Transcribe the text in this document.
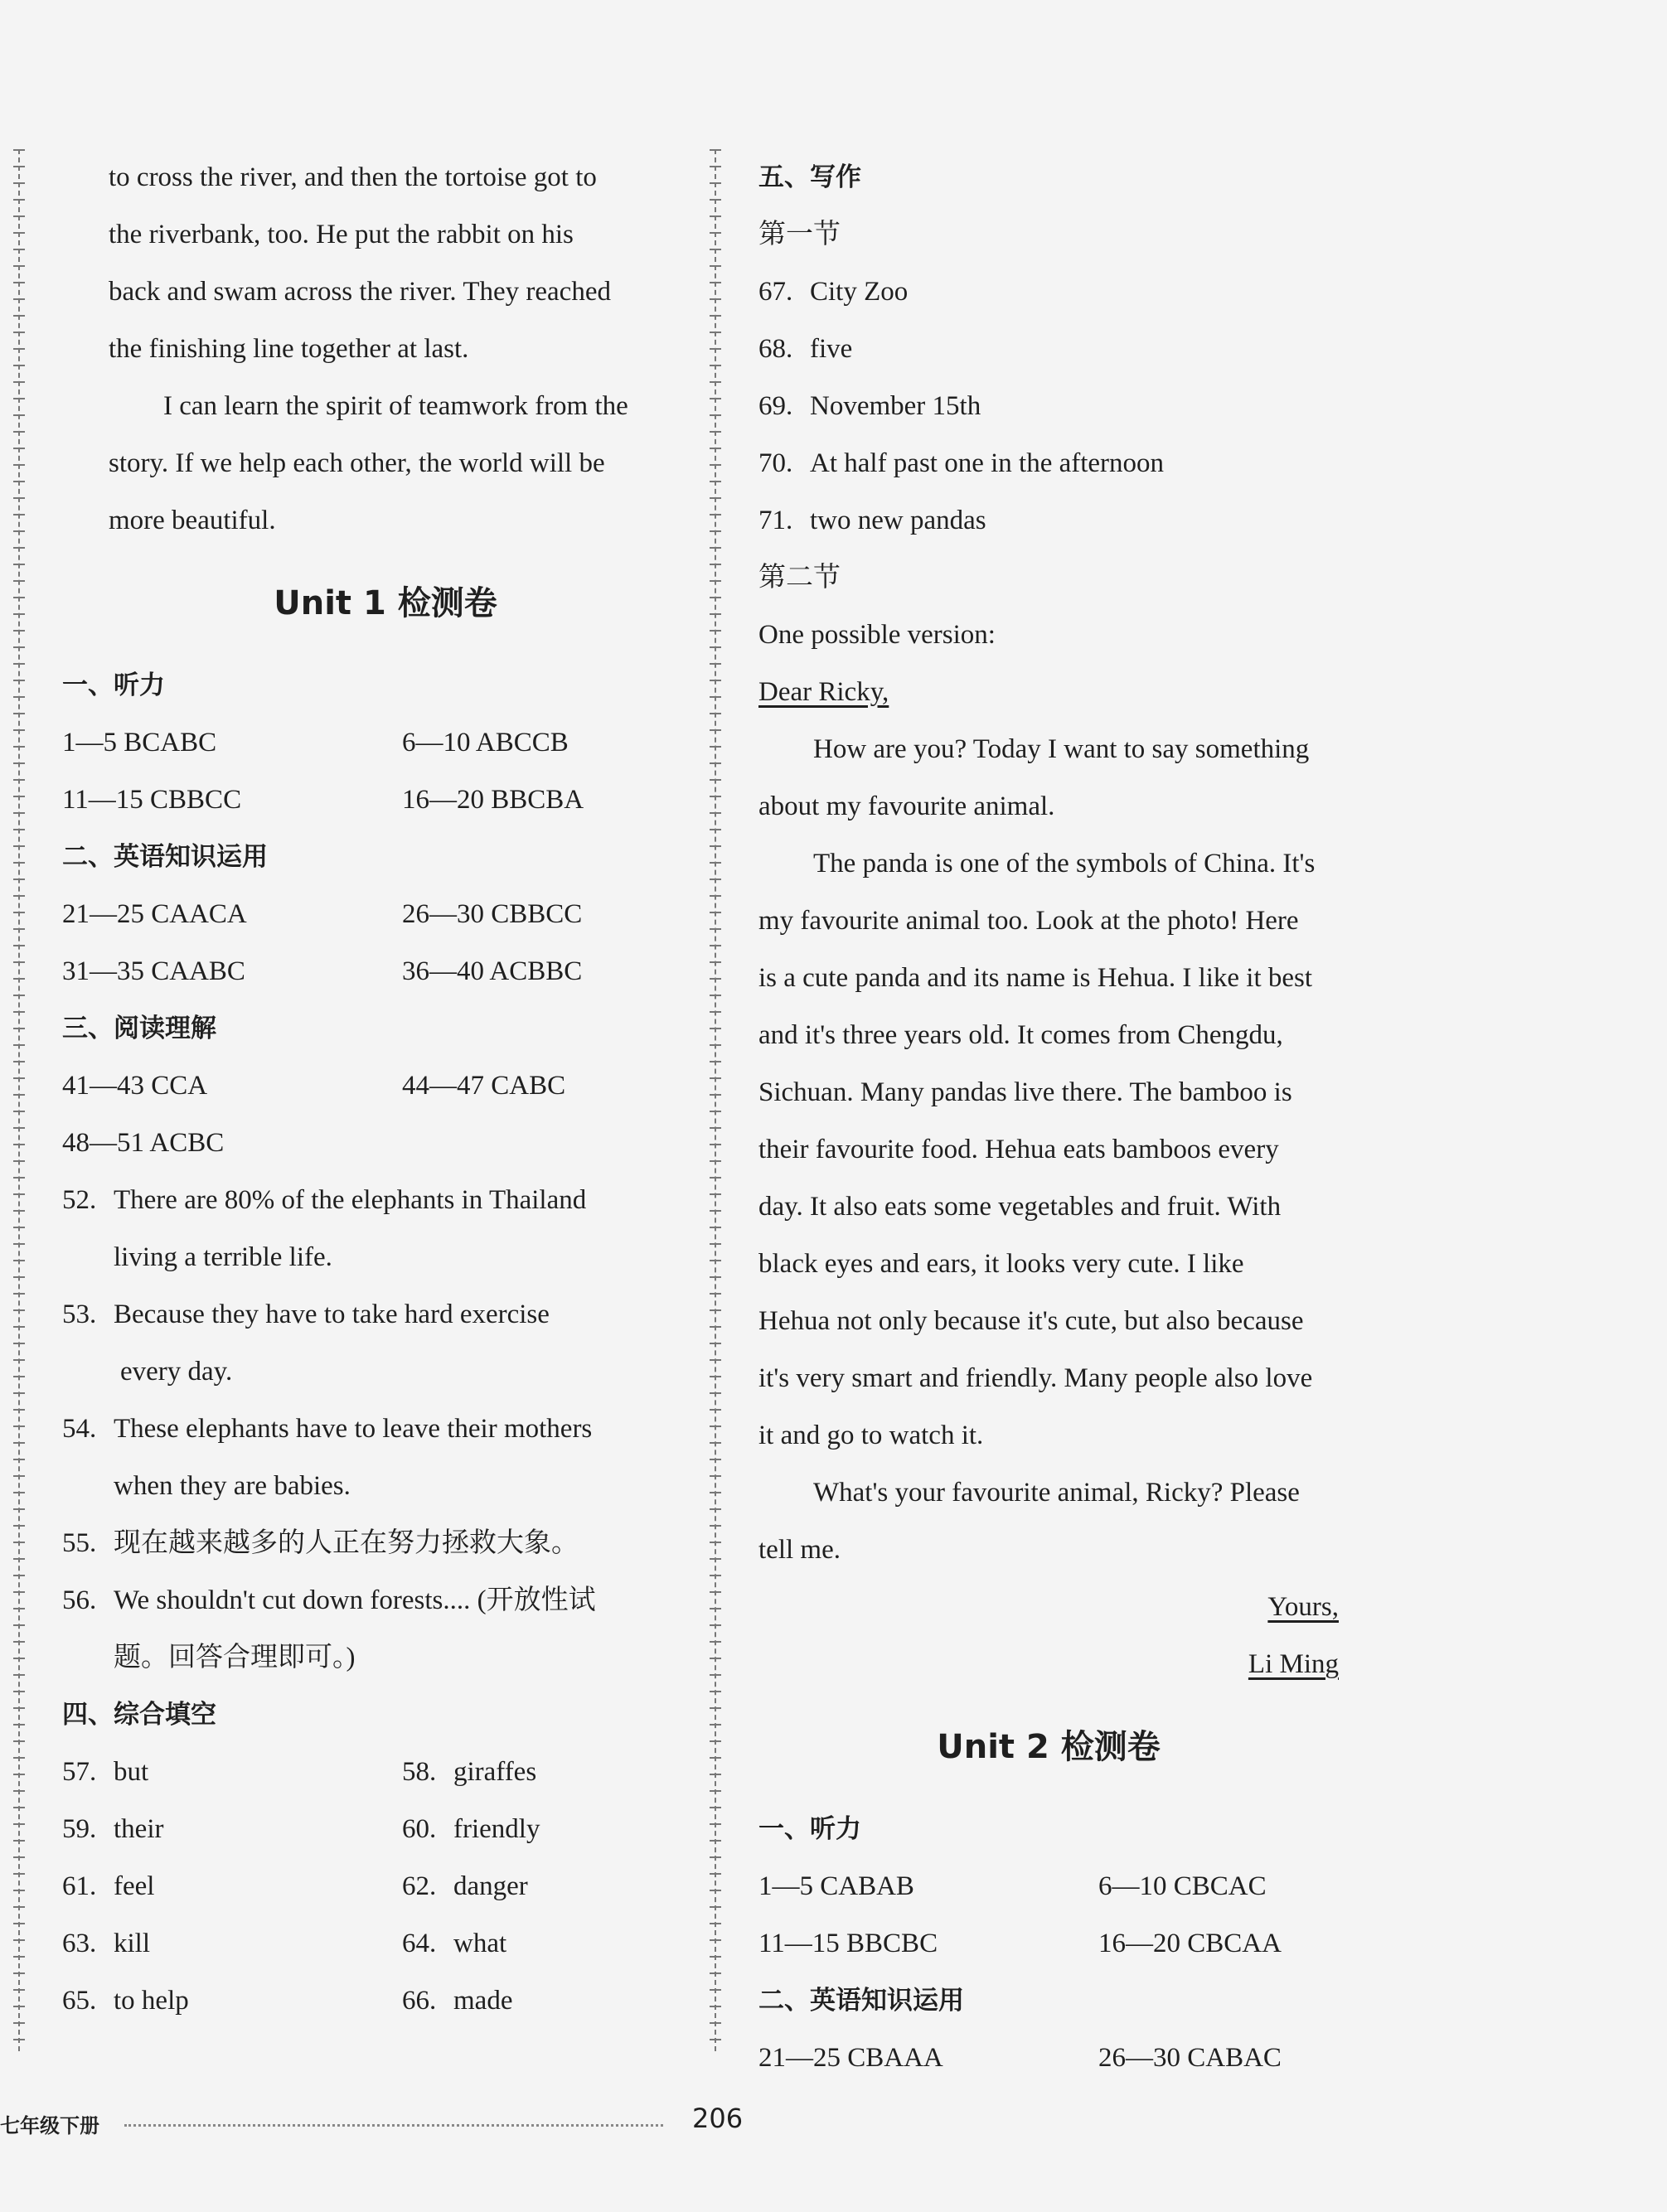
to cross the river, and then the tortoise got to
the riverbank, too. He put the rabbit on his
back and swam across the river. They reached
the finishing line together at last.
I can learn the spirit of teamwork from the
story. If we help each other, the world will be
more beautiful.
Unit 1 检测卷
一、听力
1—5 BCABC	6—10 ABCCB
11—15 CBBCC	16—20 BBCBA
二、英语知识运用
21—25 CAACA	26—30 CBBCC
31—35 CAABC	36—40 ACBBC
三、阅读理解
41—43 CCA	44—47 CABC
48—51 ACBC
52. There are 80% of the elephants in Thailand
living a terrible life.
53. Because they have to take hard exercise
every day.
54. These elephants have to leave their mothers
when they are babies.
55. 现在越来越多的人正在努力拯救大象。
56. We shouldn't cut down forests.... (开放性试
题。回答合理即可。)
四、综合填空
57. but	58. giraffes
59. their	60. friendly
61. feel	62. danger
63. kill	64. what
65. to help	66. made
五、写作
第一节
67. City Zoo
68. five
69. November 15th
70. At half past one in the afternoon
71. two new pandas
第二节
One possible version:
Dear Ricky,
How are you? Today I want to say something
about my favourite animal.
The panda is one of the symbols of China. It's
my favourite animal too. Look at the photo! Here
is a cute panda and its name is Hehua. I like it best
and it's three years old. It comes from Chengdu,
Sichuan. Many pandas live there. The bamboo is
their favourite food. Hehua eats bamboos every
day. It also eats some vegetables and fruit. With
black eyes and ears, it looks very cute. I like
Hehua not only because it's cute, but also because
it's very smart and friendly. Many people also love
it and go to watch it.
What's your favourite animal, Ricky? Please
tell me.
Yours,
Li Ming
Unit 2 检测卷
一、听力
1—5 CABAB	6—10 CBCAC
11—15 BBCBC	16—20 CBCAA
二、英语知识运用
21—25 CBAAA	26—30 CABAC
七年级下册	206
